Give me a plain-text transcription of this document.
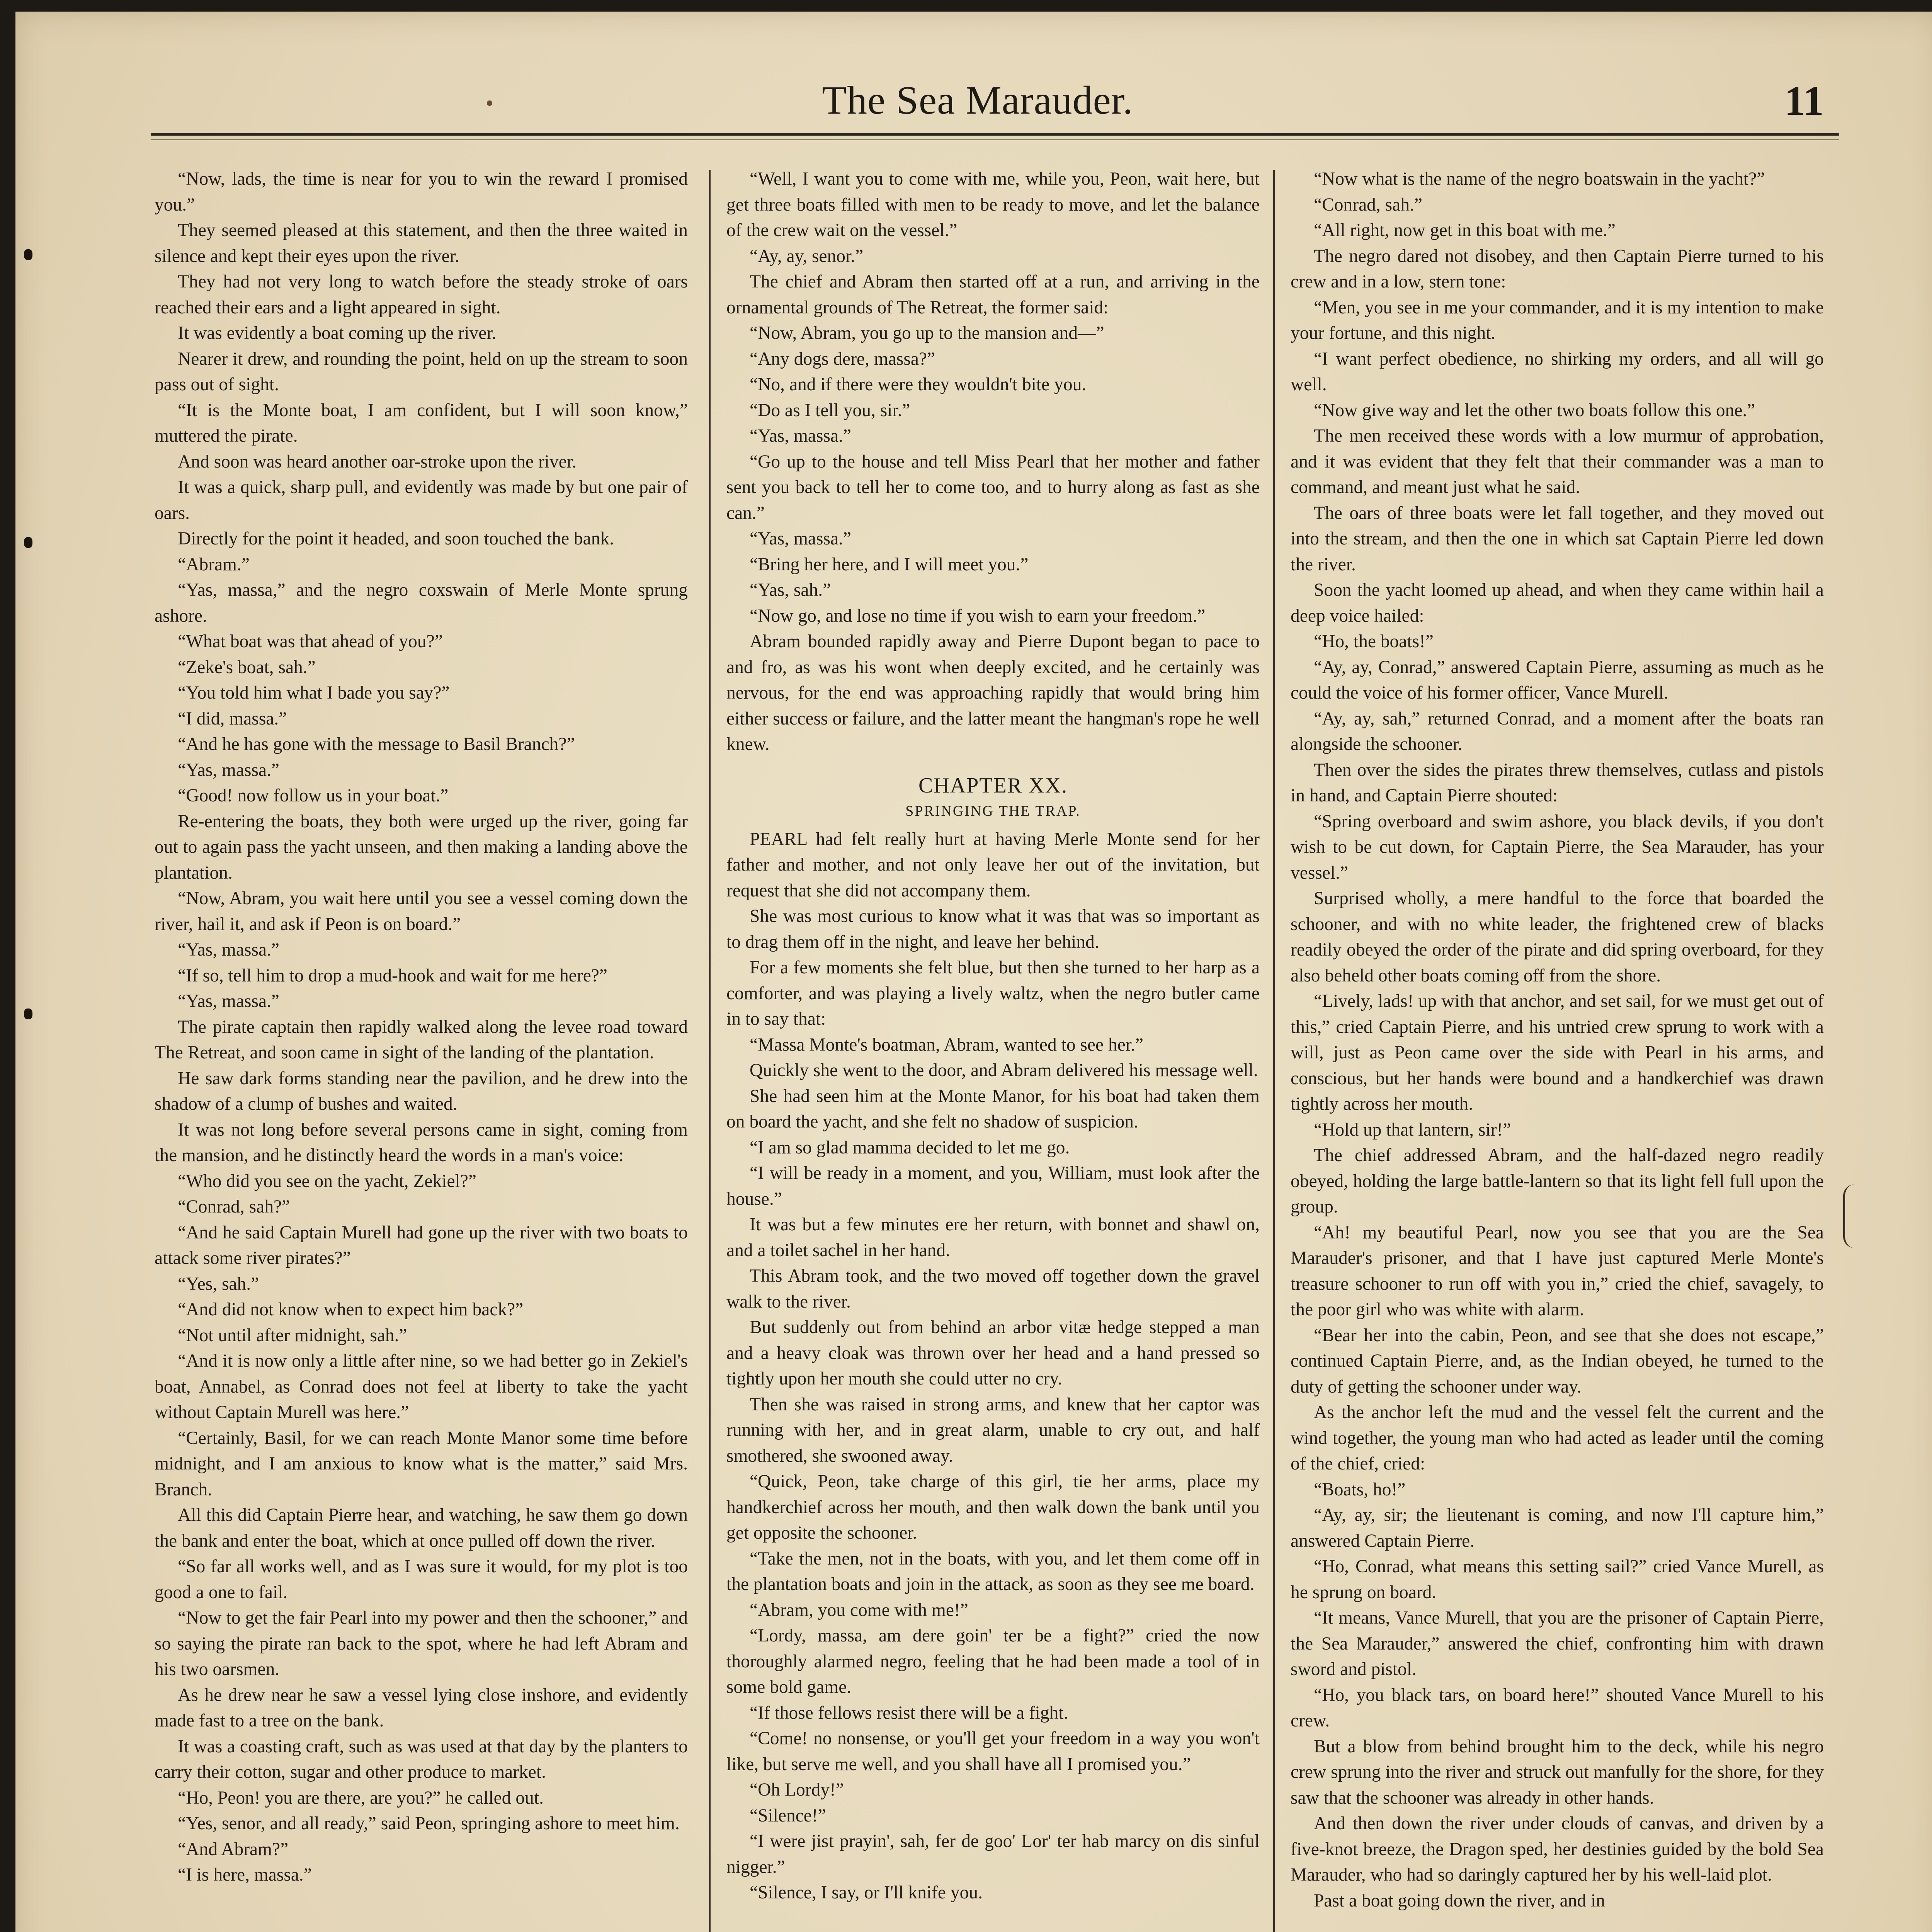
The Sea Marauder.	11

“Now, lads, the time is near for you to win the reward I promised you.”

They seemed pleased at this statement, and then the three waited in silence and kept their eyes upon the river.

They had not very long to watch before the steady stroke of oars reached their ears and a light appeared in sight.

It was evidently a boat coming up the river.

Nearer it drew, and rounding the point, held on up the stream to soon pass out of sight.

“It is the Monte boat, I am confident, but I will soon know,” muttered the pirate.

And soon was heard another oar-stroke upon the river.

It was a quick, sharp pull, and evidently was made by but one pair of oars.

Directly for the point it headed, and soon touched the bank.

“Abram.”

“Yas, massa,” and the negro coxswain of Merle Monte sprung ashore.

“What boat was that ahead of you?”

“Zeke's boat, sah.”

“You told him what I bade you say?”

“I did, massa.”

“And he has gone with the message to Basil Branch?”

“Yas, massa.”

“Good! now follow us in your boat.”

Re-entering the boats, they both were urged up the river, going far out to again pass the yacht unseen, and then making a landing above the plantation.

“Now, Abram, you wait here until you see a vessel coming down the river, hail it, and ask if Peon is on board.”

“Yas, massa.”

“If so, tell him to drop a mud-hook and wait for me here?”

“Yas, massa.”

The pirate captain then rapidly walked along the levee road toward The Retreat, and soon came in sight of the landing of the plantation.

He saw dark forms standing near the pavilion, and he drew into the shadow of a clump of bushes and waited.

It was not long before several persons came in sight, coming from the mansion, and he distinctly heard the words in a man's voice:

“Who did you see on the yacht, Zekiel?”

“Conrad, sah?”

“And he said Captain Murell had gone up the river with two boats to attack some river pirates?”

“Yes, sah.”

“And did not know when to expect him back?”

“Not until after midnight, sah.”

“And it is now only a little after nine, so we had better go in Zekiel's boat, Annabel, as Conrad does not feel at liberty to take the yacht without Captain Murell was here.”

“Certainly, Basil, for we can reach Monte Manor some time before midnight, and I am anxious to know what is the matter,” said Mrs. Branch.

All this did Captain Pierre hear, and watching, he saw them go down the bank and enter the boat, which at once pulled off down the river.

“So far all works well, and as I was sure it would, for my plot is too good a one to fail.

“Now to get the fair Pearl into my power and then the schooner,” and so saying the pirate ran back to the spot, where he had left Abram and his two oarsmen.

As he drew near he saw a vessel lying close inshore, and evidently made fast to a tree on the bank.

It was a coasting craft, such as was used at that day by the planters to carry their cotton, sugar and other produce to market.

“Ho, Peon! you are there, are you?” he called out.

“Yes, senor, and all ready,” said Peon, springing ashore to meet him.

“And Abram?”

“I is here, massa.”

“Well, I want you to come with me, while you, Peon, wait here, but get three boats filled with men to be ready to move, and let the balance of the crew wait on the vessel.”

“Ay, ay, senor.”

The chief and Abram then started off at a run, and arriving in the ornamental grounds of The Retreat, the former said:

“Now, Abram, you go up to the mansion and—”

“Any dogs dere, massa?”

“No, and if there were they wouldn't bite you.

“Do as I tell you, sir.”

“Yas, massa.”

“Go up to the house and tell Miss Pearl that her mother and father sent you back to tell her to come too, and to hurry along as fast as she can.”

“Yas, massa.”

“Bring her here, and I will meet you.”

“Yas, sah.”

“Now go, and lose no time if you wish to earn your freedom.”

Abram bounded rapidly away and Pierre Dupont began to pace to and fro, as was his wont when deeply excited, and he certainly was nervous, for the end was approaching rapidly that would bring him either success or failure, and the latter meant the hangman's rope he well knew.

CHAPTER XX.
SPRINGING THE TRAP.

PEARL had felt really hurt at having Merle Monte send for her father and mother, and not only leave her out of the invitation, but request that she did not accompany them.

She was most curious to know what it was that was so important as to drag them off in the night, and leave her behind.

For a few moments she felt blue, but then she turned to her harp as a comforter, and was playing a lively waltz, when the negro butler came in to say that:

“Massa Monte's boatman, Abram, wanted to see her.”

Quickly she went to the door, and Abram delivered his message well.

She had seen him at the Monte Manor, for his boat had taken them on board the yacht, and she felt no shadow of suspicion.

“I am so glad mamma decided to let me go.

“I will be ready in a moment, and you, William, must look after the house.”

It was but a few minutes ere her return, with bonnet and shawl on, and a toilet sachel in her hand.

This Abram took, and the two moved off together down the gravel walk to the river.

But suddenly out from behind an arbor vitæ hedge stepped a man and a heavy cloak was thrown over her head and a hand pressed so tightly upon her mouth she could utter no cry.

Then she was raised in strong arms, and knew that her captor was running with her, and in great alarm, unable to cry out, and half smothered, she swooned away.

“Quick, Peon, take charge of this girl, tie her arms, place my handkerchief across her mouth, and then walk down the bank until you get opposite the schooner.

“Take the men, not in the boats, with you, and let them come off in the plantation boats and join in the attack, as soon as they see me board.

“Abram, you come with me!”

“Lordy, massa, am dere goin' ter be a fight?” cried the now thoroughly alarmed negro, feeling that he had been made a tool of in some bold game.

“If those fellows resist there will be a fight.

“Come! no nonsense, or you'll get your freedom in a way you won't like, but serve me well, and you shall have all I promised you.”

“Oh Lordy!”

“Silence!”

“I were jist prayin', sah, fer de goo' Lor' ter hab marcy on dis sinful nigger.”

“Silence, I say, or I'll knife you.

“Now what is the name of the negro boatswain in the yacht?”

“Conrad, sah.”

“All right, now get in this boat with me.”

The negro dared not disobey, and then Captain Pierre turned to his crew and in a low, stern tone:

“Men, you see in me your commander, and it is my intention to make your fortune, and this night.

“I want perfect obedience, no shirking my orders, and all will go well.

“Now give way and let the other two boats follow this one.”

The men received these words with a low murmur of approbation, and it was evident that they felt that their commander was a man to command, and meant just what he said.

The oars of three boats were let fall together, and they moved out into the stream, and then the one in which sat Captain Pierre led down the river.

Soon the yacht loomed up ahead, and when they came within hail a deep voice hailed:

“Ho, the boats!”

“Ay, ay, Conrad,” answered Captain Pierre, assuming as much as he could the voice of his former officer, Vance Murell.

“Ay, ay, sah,” returned Conrad, and a moment after the boats ran alongside the schooner.

Then over the sides the pirates threw themselves, cutlass and pistols in hand, and Captain Pierre shouted:

“Spring overboard and swim ashore, you black devils, if you don't wish to be cut down, for Captain Pierre, the Sea Marauder, has your vessel.”

Surprised wholly, a mere handful to the force that boarded the schooner, and with no white leader, the frightened crew of blacks readily obeyed the order of the pirate and did spring overboard, for they also beheld other boats coming off from the shore.

“Lively, lads! up with that anchor, and set sail, for we must get out of this,” cried Captain Pierre, and his untried crew sprung to work with a will, just as Peon came over the side with Pearl in his arms, and conscious, but her hands were bound and a handkerchief was drawn tightly across her mouth.

“Hold up that lantern, sir!”

The chief addressed Abram, and the half-dazed negro readily obeyed, holding the large battle-lantern so that its light fell full upon the group.

“Ah! my beautiful Pearl, now you see that you are the Sea Marauder's prisoner, and that I have just captured Merle Monte's treasure schooner to run off with you in,” cried the chief, savagely, to the poor girl who was white with alarm.

“Bear her into the cabin, Peon, and see that she does not escape,” continued Captain Pierre, and, as the Indian obeyed, he turned to the duty of getting the schooner under way.

As the anchor left the mud and the vessel felt the current and the wind together, the young man who had acted as leader until the coming of the chief, cried:

“Boats, ho!”

“Ay, ay, sir; the lieutenant is coming, and now I'll capture him,” answered Captain Pierre.

“Ho, Conrad, what means this setting sail?” cried Vance Murell, as he sprung on board.

“It means, Vance Murell, that you are the prisoner of Captain Pierre, the Sea Marauder,” answered the chief, confronting him with drawn sword and pistol.

“Ho, you black tars, on board here!” shouted Vance Murell to his crew.

But a blow from behind brought him to the deck, while his negro crew sprung into the river and struck out manfully for the shore, for they saw that the schooner was already in other hands.

And then down the river under clouds of canvas, and driven by a five-knot breeze, the Dragon sped, her destinies guided by the bold Sea Marauder, who had so daringly captured her by his well-laid plot.

Past a boat going down the river, and in
